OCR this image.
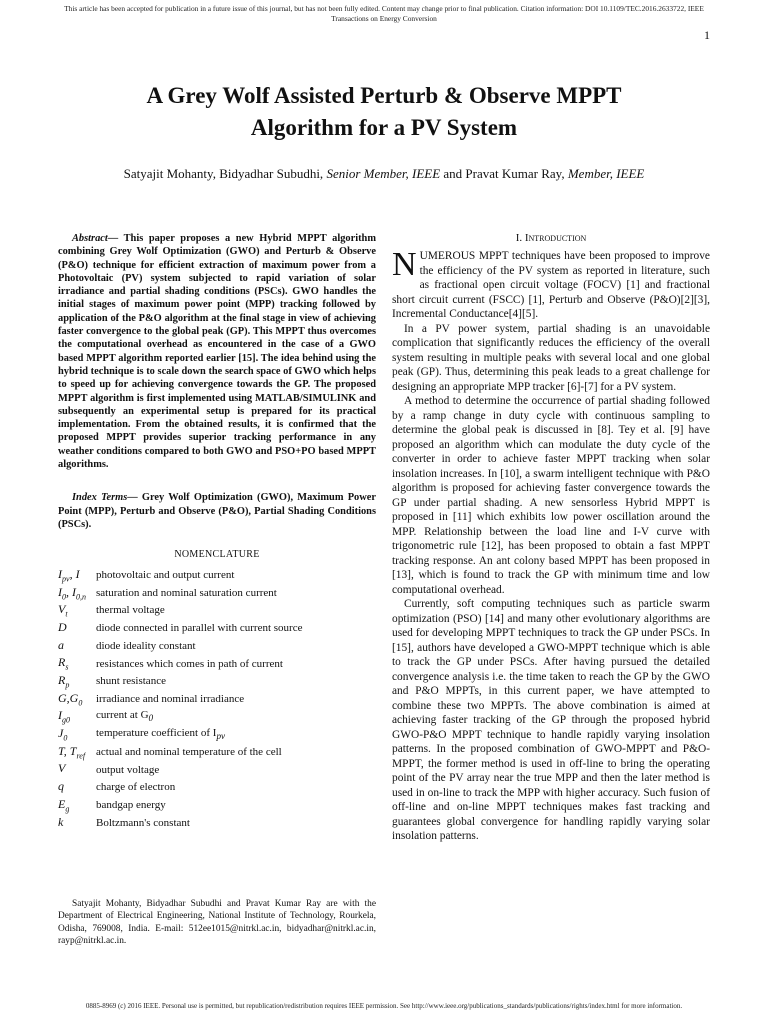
This article has been accepted for publication in a future issue of this journal, but has not been fully edited. Content may change prior to final publication. Citation information: DOI 10.1109/TEC.2016.2633722, IEEE
Transactions on Energy Conversion
1
A Grey Wolf Assisted Perturb & Observe MPPT
Algorithm for a PV System
Satyajit Mohanty, Bidyadhar Subudhi, Senior Member, IEEE and Pravat Kumar Ray, Member, IEEE

Abstract— This paper proposes a new Hybrid MPPT algorithm combining Grey Wolf Optimization (GWO) and Perturb & Observe (P&O) technique for efficient extraction of maximum power from a Photovoltaic (PV) system subjected to rapid variation of solar irradiance and partial shading conditions (PSCs). GWO handles the initial stages of maximum power point (MPP) tracking followed by application of the P&O algorithm at the final stage in view of achieving faster convergence to the global peak (GP). This MPPT thus overcomes the computational overhead as encountered in the case of a GWO based MPPT algorithm reported earlier [15]. The idea behind using the hybrid technique is to scale down the search space of GWO which helps to speed up for achieving convergence towards the GP. The proposed MPPT algorithm is first implemented using MATLAB/SIMULINK and subsequently an experimental setup is prepared for its practical implementation. From the obtained results, it is confirmed that the proposed MPPT provides superior tracking performance in any weather conditions compared to both GWO and PSO+PO based MPPT algorithms.

Index Terms— Grey Wolf Optimization (GWO), Maximum Power Point (MPP), Perturb and Observe (P&O), Partial Shading Conditions (PSCs).

NOMENCLATURE
$I_{pv}$, I	photovoltaic and output current
$I_0$, $I_{0,n}$	saturation and nominal saturation current
$V_t$	thermal voltage
D	diode connected in parallel with current source
a	diode ideality constant
$R_s$	resistances which comes in path of current
$R_p$	shunt resistance
$G,G_0$	irradiance and nominal irradiance
$I_{g0}$	current at $G_0$
$J_0$	temperature coefficient of $I_{pv}$
T, $T_{ref}$	actual and nominal temperature of the cell
V	output voltage
q	charge of electron
$E_g$	bandgap energy
k	Boltzmann's constant
Satyajit Mohanty, Bidyadhar Subudhi and Pravat Kumar Ray are with the Department of Electrical Engineering, National Institute of Technology, Rourkela, Odisha, 769008, India. E-mail: 512ee1015@nitrkl.ac.in, bidyadhar@nitrkl.ac.in, rayp@nitrkl.ac.in.
I. Introduction

NUMEROUS MPPT techniques have been proposed to improve the efficiency of the PV system as reported in literature, such as fractional open circuit voltage (FOCV) [1] and fractional short circuit current (FSCC) [1], Perturb and Observe (P&O)[2][3], Incremental Conductance[4][5].

In a PV power system, partial shading is an unavoidable complication that significantly reduces the efficiency of the overall system resulting in multiple peaks with several local and one global peak (GP). Thus, determining this peak leads to a great challenge for designing an appropriate MPP tracker [6]-[7] for a PV system.

A method to determine the occurrence of partial shading followed by a ramp change in duty cycle with continuous sampling to determine the global peak is discussed in [8]. Tey et al. [9] have proposed an algorithm which can modulate the duty cycle of the converter in order to achieve faster MPPT tracking when solar insolation increases. In [10], a swarm intelligent technique with P&O algorithm is proposed for achieving faster convergence towards the GP under partial shading. A new sensorless Hybrid MPPT is proposed in [11] which exhibits low power oscillation around the MPP. Relationship between the load line and I-V curve with trigonometric rule [12], has been proposed to obtain a fast MPPT tracking response. An ant colony based MPPT has been proposed in [13], which is found to track the GP with minimum time and low computational overhead.

Currently, soft computing techniques such as particle swarm optimization (PSO) [14] and many other evolutionary algorithms are used for developing MPPT techniques to track the GP under PSCs. In [15], authors have developed a GWO-MPPT technique which is able to track the GP under PSCs. After having pursued the detailed convergence analysis i.e. the time taken to reach the GP by the GWO and P&O MPPTs, in this current paper, we have attempted to combine these two MPPTs. The above combination is aimed at achieving faster tracking of the GP through the proposed hybrid GWO-P&O MPPT technique to handle rapidly varying insolation patterns. In the proposed combination of GWO-MPPT and P&O-MPPT, the former method is used in off-line to bring the operating point of the PV array near the true MPP and then the later method is used in on-line to track the MPP with higher accuracy. Such fusion of off-line and on-line MPPT techniques makes fast tracking and guarantees global convergence for handling rapidly varying solar insolation patterns.

0885-8969 (c) 2016 IEEE. Personal use is permitted, but republication/redistribution requires IEEE permission. See http://www.ieee.org/publications_standards/publications/rights/index.html for more information.
